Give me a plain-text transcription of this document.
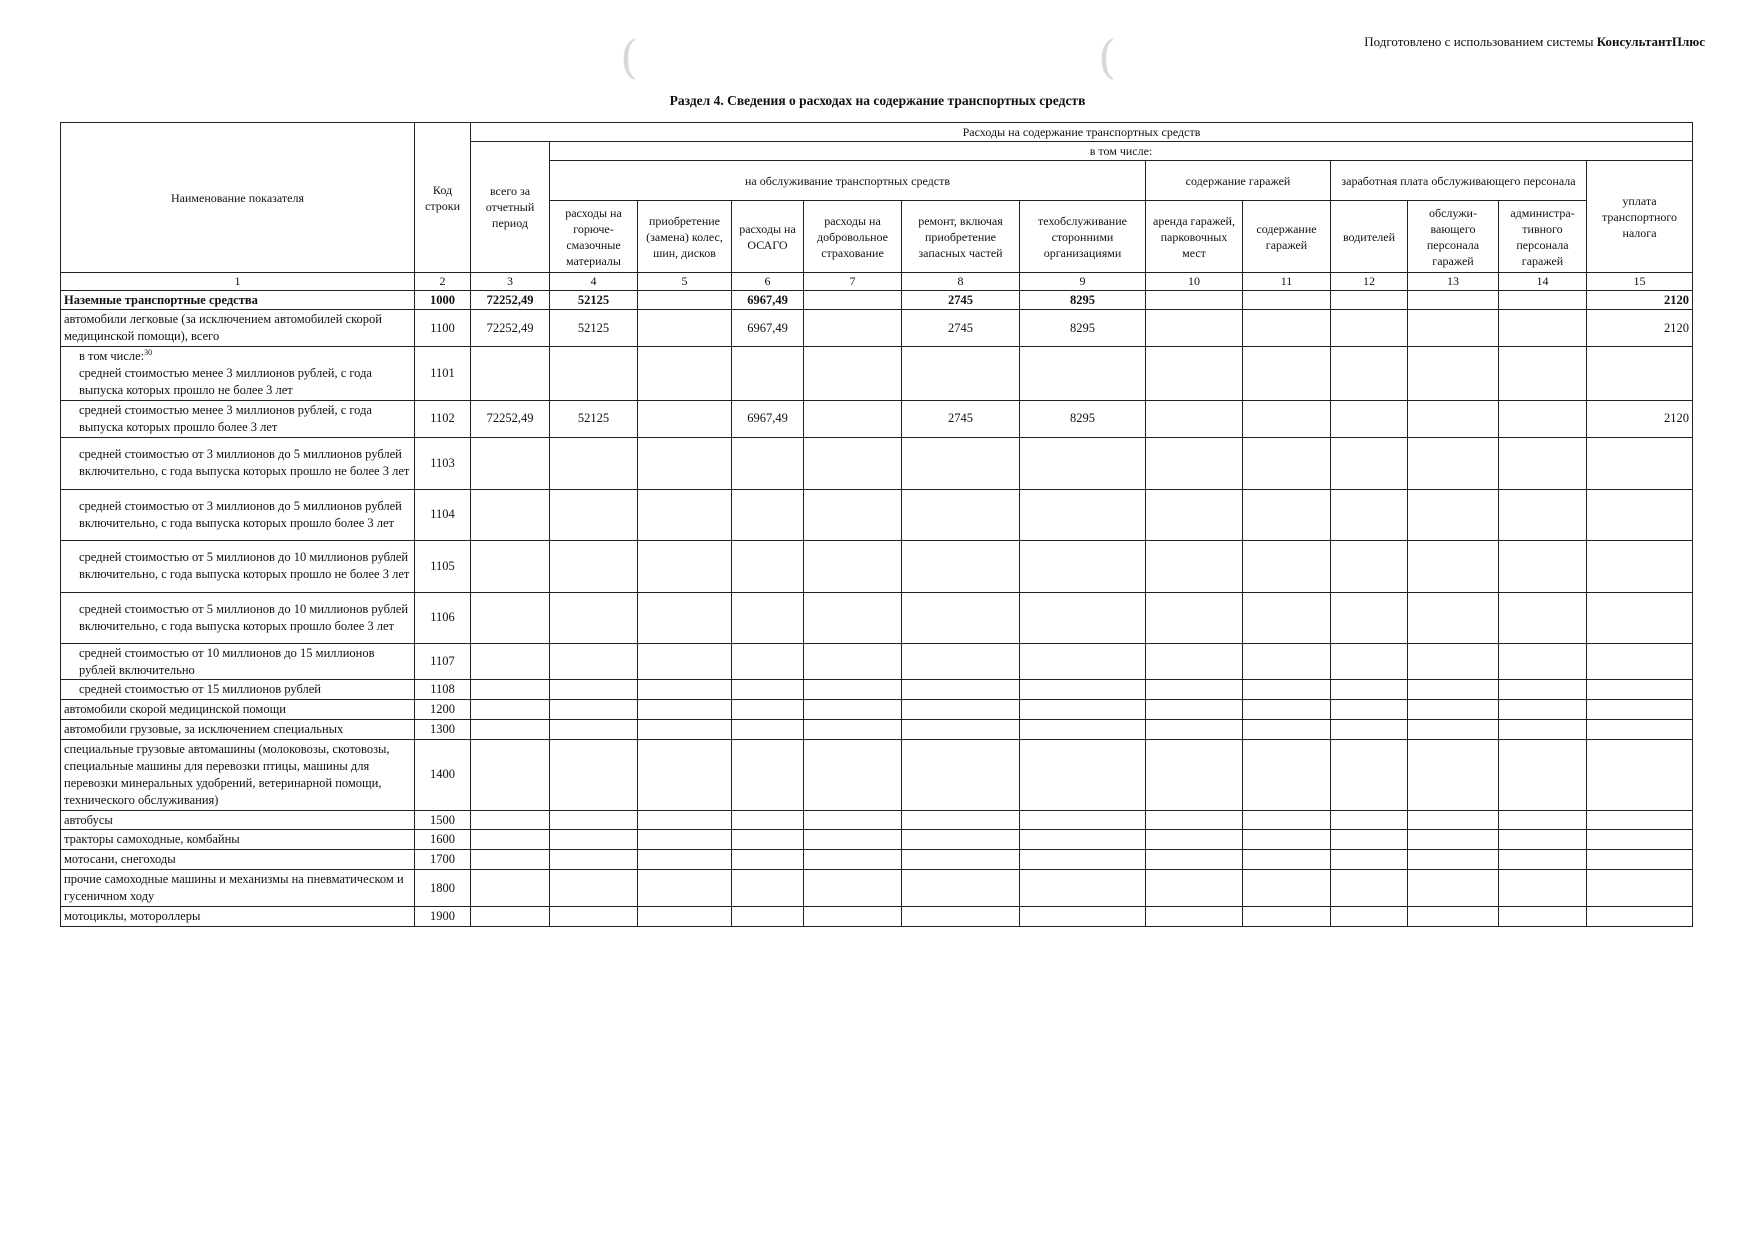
Подготовлено с использованием системы КонсультантПлюс
(	(
Раздел 4. Сведения о расходах на содержание транспортных средств
Наименование показателя	Код строки	Расходы на содержание транспортных средств												
		всего за отчетный период	в том числе:											
			на обслуживание транспортных средств						содержание гаражей		заработная плата обслуживающего персонала			уплата транспортного налога
			расходы на горюче-смазочные материалы	приобретение (замена) колес, шин, дисков	расходы на ОСАГО	расходы на добровольное страхование	ремонт, включая приобретение запасных частей	техобслуживание сторонними организациями	аренда гаражей, парковочных мест	содержание гаражей	водителей	обслужи-вающего персонала гаражей	администра-тивного персонала гаражей	
1	2	3	4	5	6	7	8	9	10	11	12	13	14	15
Наземные транспортные средства	1000	72252,49	52125		6967,49		2745	8295						2120
автомобили легковые (за исключением автомобилей скорой медицинской помощи), всего	1100	72252,49	52125		6967,49		2745	8295						2120

в том числе:$^{30}$
средней стоимостью менее 3 миллионов рублей, с года выпуска которых прошло не более 3 лет	1101													
средней стоимостью менее 3 миллионов рублей, с года выпуска которых прошло более 3 лет	1102	72252,49	52125		6967,49		2745	8295						2120
средней стоимостью от 3 миллионов до 5 миллионов рублей включительно, с года выпуска которых прошло не более 3 лет	1103													
средней стоимостью от 3 миллионов до 5 миллионов рублей включительно, с года выпуска которых прошло более 3 лет	1104													
средней стоимостью от 5 миллионов до 10 миллионов рублей включительно, с года выпуска которых прошло не более 3 лет	1105													
средней стоимостью от 5 миллионов до 10 миллионов рублей включительно, с года выпуска которых прошло более 3 лет	1106													
средней стоимостью от 10 миллионов до 15 миллионов рублей включительно	1107													
средней стоимостью от 15 миллионов рублей	1108													
автомобили скорой медицинской помощи	1200													
автомобили грузовые, за исключением специальных	1300													
специальные грузовые автомашины (молоковозы, скотовозы, специальные машины для перевозки птицы, машины для перевозки минеральных удобрений, ветеринарной помощи, технического обслуживания)	1400													
автобусы	1500													
тракторы самоходные, комбайны	1600													
мотосани, снегоходы	1700													
прочие самоходные машины и механизмы на пневматическом и гусеничном ходу	1800													
мотоциклы, мотороллеры	1900													
